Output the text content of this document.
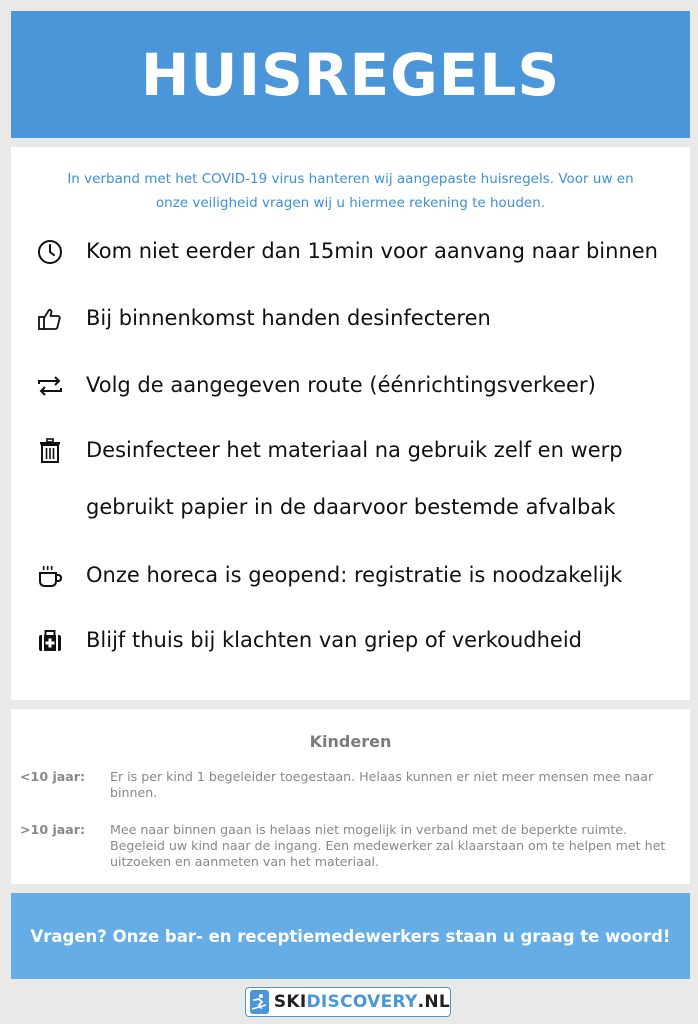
HUISREGELS
In verband met het COVID-19 virus hanteren wij aangepaste huisregels. Voor uw en onze veiligheid vragen wij u hiermee rekening te houden.
Kom niet eerder dan 15min voor aanvang naar binnen
Bij binnenkomst handen desinfecteren
Volg de aangegeven route (éénrichtingsverkeer)
Desinfecteer het materiaal na gebruik zelf en werp gebruikt papier in de daarvoor bestemde afvalbak
Onze horeca is geopend: registratie is noodzakelijk
Blijf thuis bij klachten van griep of verkoudheid
Kinderen
<10 jaar:	Er is per kind 1 begeleider toegestaan. Helaas kunnen er niet meer mensen mee naar binnen.
>10 jaar:	Mee naar binnen gaan is helaas niet mogelijk in verband met de beperkte ruimte. Begeleid uw kind naar de ingang. Een medewerker zal klaarstaan om te helpen met het uitzoeken en aanmeten van het materiaal.
Vragen? Onze bar- en receptiemedewerkers staan u graag te woord!
SKI DISCOVERY .NL
